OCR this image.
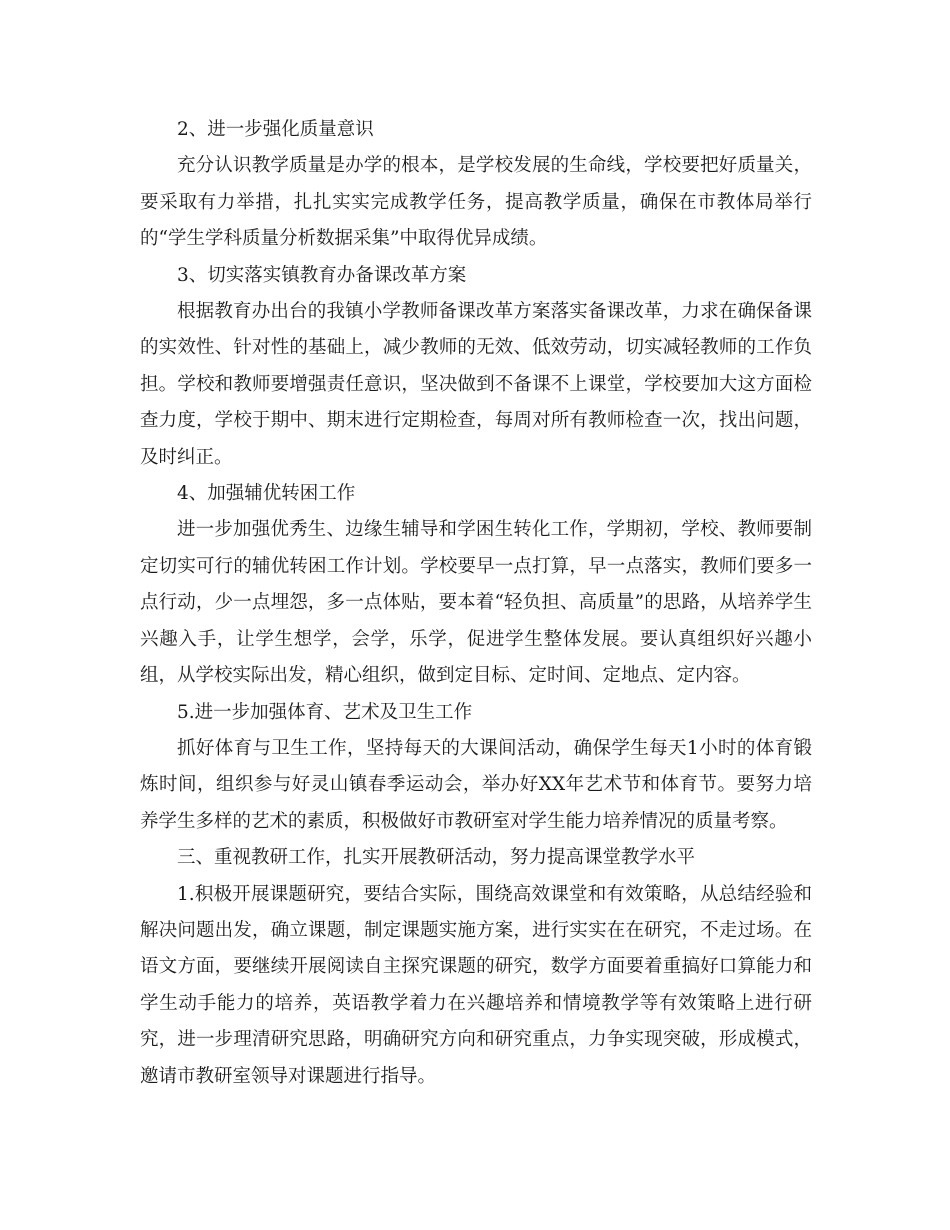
2、进一步强化质量意识

充分认识教学质量是办学的根本，是学校发展的生命线，学校要把好质量关，要采取有力举措，扎扎实实完成教学任务，提高教学质量，确保在市教体局举行的“学生学科质量分析数据采集”中取得优异成绩。

3、切实落实镇教育办备课改革方案

根据教育办出台的我镇小学教师备课改革方案落实备课改革，力求在确保备课的实效性、针对性的基础上，减少教师的无效、低效劳动，切实减轻教师的工作负担。学校和教师要增强责任意识，坚决做到不备课不上课堂，学校要加大这方面检查力度，学校于期中、期末进行定期检查，每周对所有教师检查一次，找出问题，及时纠正。

4、加强辅优转困工作

进一步加强优秀生、边缘生辅导和学困生转化工作，学期初，学校、教师要制定切实可行的辅优转困工作计划。学校要早一点打算，早一点落实，教师们要多一点行动，少一点埋怨，多一点体贴，要本着“轻负担、高质量”的思路，从培养学生兴趣入手，让学生想学，会学，乐学，促进学生整体发展。要认真组织好兴趣小组，从学校实际出发，精心组织，做到定目标、定时间、定地点、定内容。

5.进一步加强体育、艺术及卫生工作

抓好体育与卫生工作，坚持每天的大课间活动，确保学生每天1小时的体育锻炼时间，组织参与好灵山镇春季运动会，举办好XX年艺术节和体育节。要努力培养学生多样的艺术的素质，积极做好市教研室对学生能力培养情况的质量考察。

三、重视教研工作，扎实开展教研活动，努力提高课堂教学水平

1.积极开展课题研究，要结合实际，围绕高效课堂和有效策略，从总结经验和解决问题出发，确立课题，制定课题实施方案，进行实实在在研究，不走过场。在语文方面，要继续开展阅读自主探究课题的研究，数学方面要着重搞好口算能力和学生动手能力的培养，英语教学着力在兴趣培养和情境教学等有效策略上进行研究，进一步理清研究思路，明确研究方向和研究重点，力争实现突破，形成模式，邀请市教研室领导对课题进行指导。
